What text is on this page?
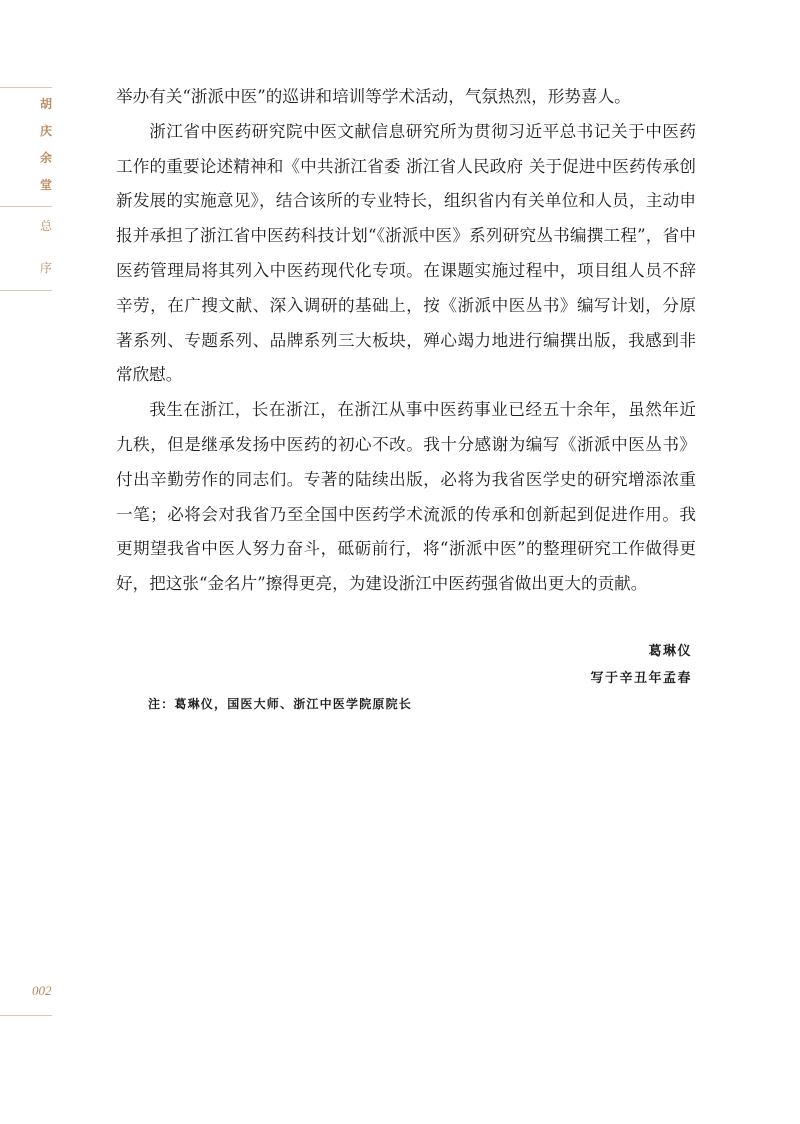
胡
庆
余
堂
总
序
002

举办有关“浙派中医”的巡讲和培训等学术活动，气氛热烈，形势喜人。

浙江省中医药研究院中医文献信息研究所为贯彻习近平总书记关于中医药工作的重要论述精神和《中共浙江省委 浙江省人民政府 关于促进中医药传承创新发展的实施意见》，结合该所的专业特长，组织省内有关单位和人员，主动申报并承担了浙江省中医药科技计划“《浙派中医》系列研究丛书编撰工程”，省中医药管理局将其列入中医药现代化专项。在课题实施过程中，项目组人员不辞辛劳，在广搜文献、深入调研的基础上，按《浙派中医丛书》编写计划，分原著系列、专题系列、品牌系列三大板块，殚心竭力地进行编撰出版，我感到非常欣慰。

我生在浙江，长在浙江，在浙江从事中医药事业已经五十余年，虽然年近九秩，但是继承发扬中医药的初心不改。我十分感谢为编写《浙派中医丛书》付出辛勤劳作的同志们。专著的陆续出版，必将为我省医学史的研究增添浓重一笔；必将会对我省乃至全国中医药学术流派的传承和创新起到促进作用。我更期望我省中医人努力奋斗，砥砺前行，将“浙派中医”的整理研究工作做得更好，把这张“金名片”擦得更亮，为建设浙江中医药强省做出更大的贡献。

葛琳仪
写于辛丑年孟春
注：葛琳仪，国医大师、浙江中医学院原院长
